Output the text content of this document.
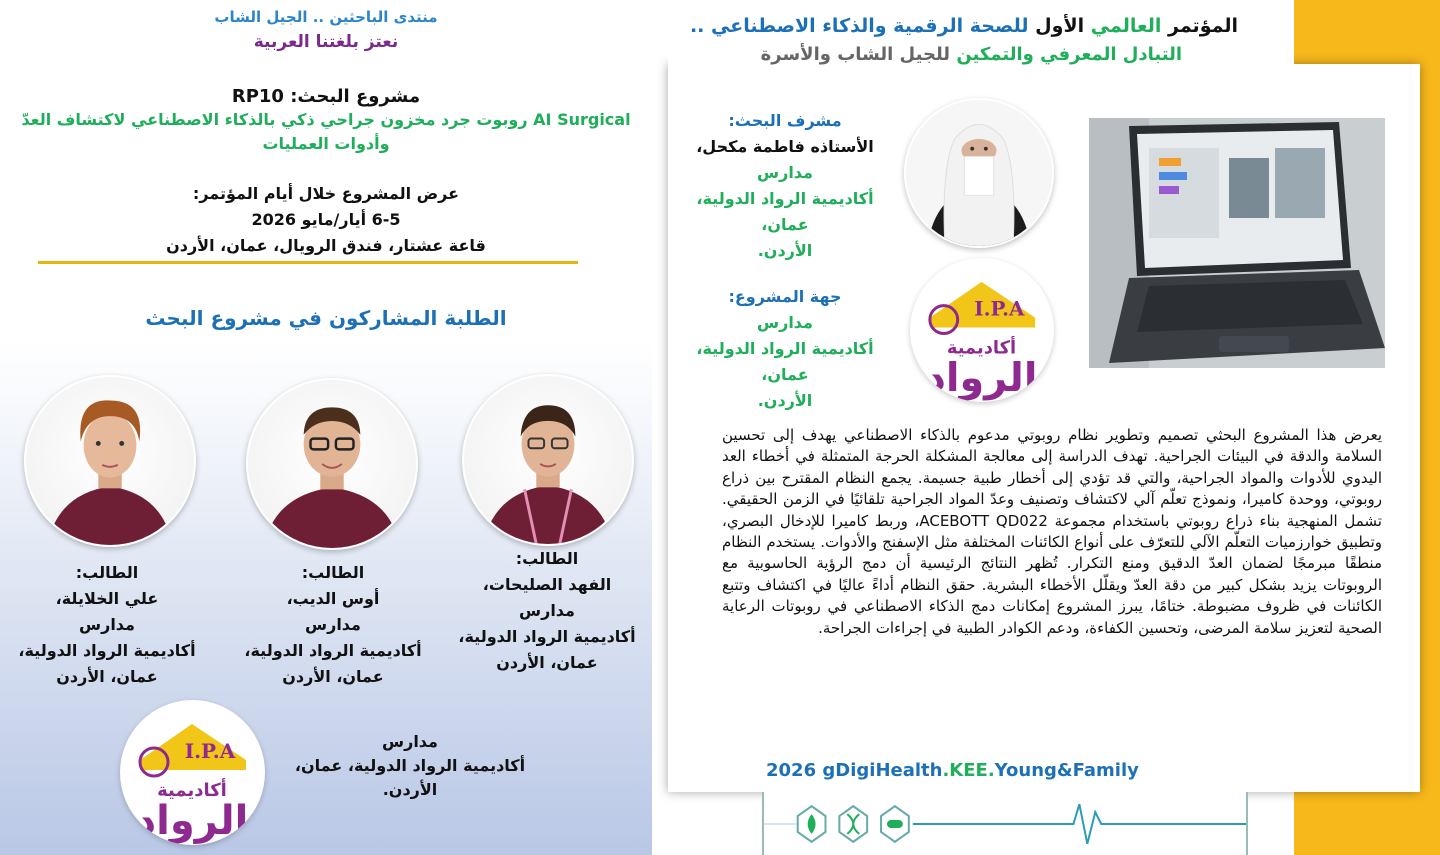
منتدى الباحثين .. الجيل الشاب
نعتز بلغتنا العربية
مشروع البحث: RP10
AI Surgical روبوت جرد مخزون جراحي ذكي بالذكاء الاصطناعي لاكتشاف العدّ وأدوات العمليات
عرض المشروع خلال أيام المؤتمر:
6-5 أيار/مايو 2026
قاعة عشتار، فندق الرويال، عمان، الأردن
الطلبة المشاركون في مشروع البحث
الطالب:
الفهد الصليحات،
مدارس
أكاديمية الرواد الدولية،
عمان، الأردن
الطالب:
أوس الديب،
مدارس
أكاديمية الرواد الدولية،
عمان، الأردن
الطالب:
علي الخلايلة،
مدارس
أكاديمية الرواد الدولية،
عمان، الأردن
I.P.A
أكاديمية
الرواد
مدارس
أكاديمية الرواد الدولية، عمان،
الأردن.
المؤتمر العالمي الأول للصحة الرقمية والذكاء الاصطناعي ..
التبادل المعرفي والتمكين للجيل الشاب والأسرة
مشرف البحث:
الأستاذه فاطمة مكحل،
مدارس
أكاديمية الرواد الدولية، عمان،
الأردن.
I.P.A
أكاديمية
الرواد
جهة المشروع:
مدارس
أكاديمية الرواد الدولية، عمان،
الأردن.
يعرض هذا المشروع البحثي تصميم وتطوير نظام روبوتي مدعوم بالذكاء الاصطناعي يهدف إلى تحسين السلامة والدقة في البيئات الجراحية. تهدف الدراسة إلى معالجة المشكلة الحرجة المتمثلة في أخطاء العد اليدوي للأدوات والمواد الجراحية، والتي قد تؤدي إلى أخطار طبية جسيمة. يجمع النظام المقترح بين ذراع روبوتي، ووحدة كاميرا، ونموذج تعلّم آلي لاكتشاف وتصنيف وعدّ المواد الجراحية تلقائيًا في الزمن الحقيقي. تشمل المنهجية بناء ذراع روبوتي باستخدام مجموعة ACEBOTT QD022، وربط كاميرا للإدخال البصري، وتطبيق خوارزميات التعلّم الآلي للتعرّف على أنواع الكائنات المختلفة مثل الإسفنج والأدوات. يستخدم النظام منطقًا مبرمجًا لضمان العدّ الدقيق ومنع التكرار. تُظهر النتائج الرئيسية أن دمج الرؤية الحاسوبية مع الروبوتات يزيد بشكل كبير من دقة العدّ ويقلّل الأخطاء البشرية. حقق النظام أداءً عاليًا في اكتشاف وتتبع الكائنات في ظروف مضبوطة. ختامًا، يبرز المشروع إمكانات دمج الذكاء الاصطناعي في روبوتات الرعاية الصحية لتعزيز سلامة المرضى، وتحسين الكفاءة، ودعم الكوادر الطبية في إجراءات الجراحة.
2026 gDigiHealth.KEE.Young&Family
